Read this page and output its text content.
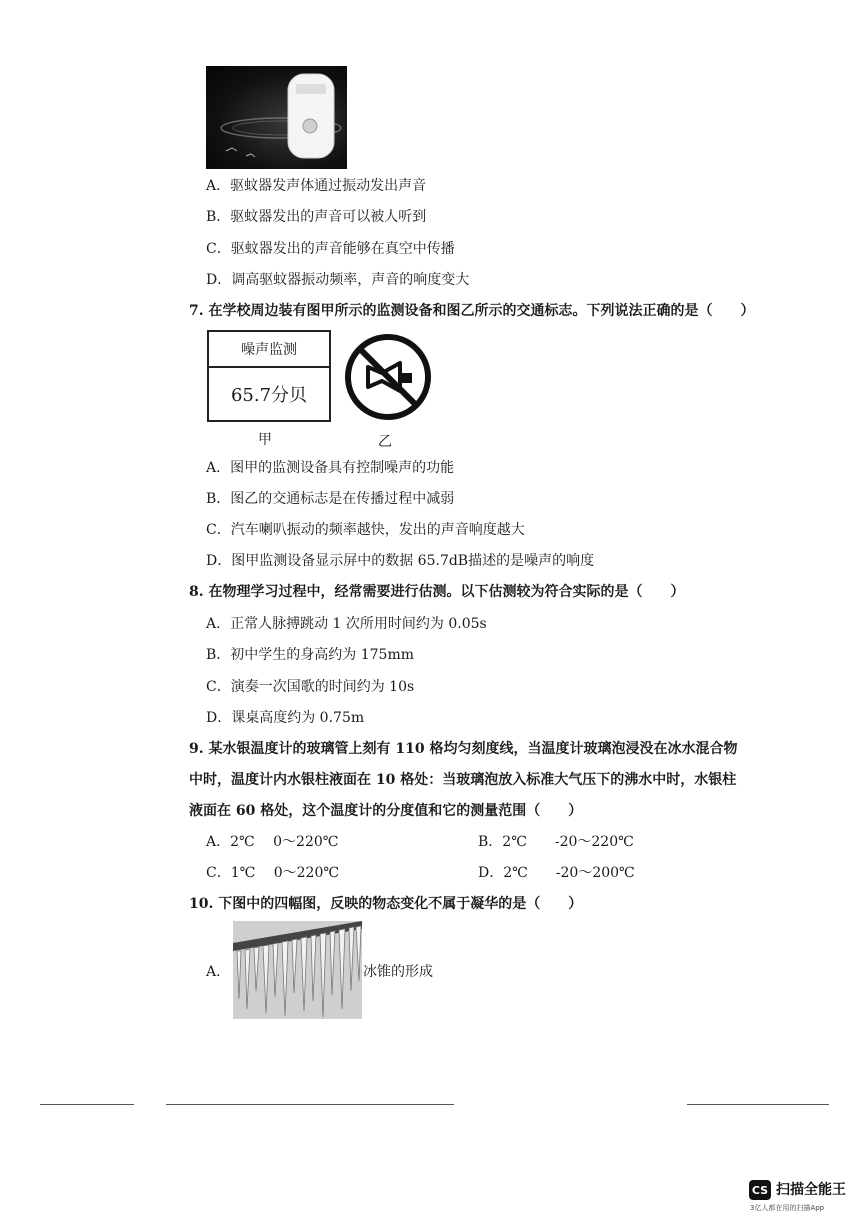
A．驱蚊器发声体通过振动发出声音
B．驱蚊器发出的声音可以被人听到
C．驱蚊器发出的声音能够在真空中传播
D．调高驱蚊器振动频率，声音的响度变大
7. 在学校周边装有图甲所示的监测设备和图乙所示的交通标志。下列说法正确的是（　　）
噪声监测
65.7分贝
甲	乙
A．图甲的监测设备具有控制噪声的功能
B．图乙的交通标志是在传播过程中减弱
C．汽车喇叭振动的频率越快，发出的声音响度越大
D．图甲监测设备显示屏中的数据 65.7dB描述的是噪声的响度
8. 在物理学习过程中，经常需要进行估测。以下估测较为符合实际的是（　　）
A．正常人脉搏跳动 1 次所用时间约为 0.05s
B．初中学生的身高约为 175mm
C．演奏一次国歌的时间约为 10s
D．课桌高度约为 0.75m
9. 某水银温度计的玻璃管上刻有 110 格均匀刻度线，当温度计玻璃泡浸没在冰水混合物
中时，温度计内水银柱液面在 10 格处：当玻璃泡放入标准大气压下的沸水中时，水银柱
液面在 60 格处，这个温度计的分度值和它的测量范围（　　）
A．2℃　 0～220℃	B．2℃　　-20～220℃
C．1℃　 0～220℃	D．2℃　　-20～200℃
10. 下图中的四幅图，反映的物态变化不属于凝华的是（　　）
A．	冰锥的形成
CS 扫描全能王
3亿人都在用的扫描App
